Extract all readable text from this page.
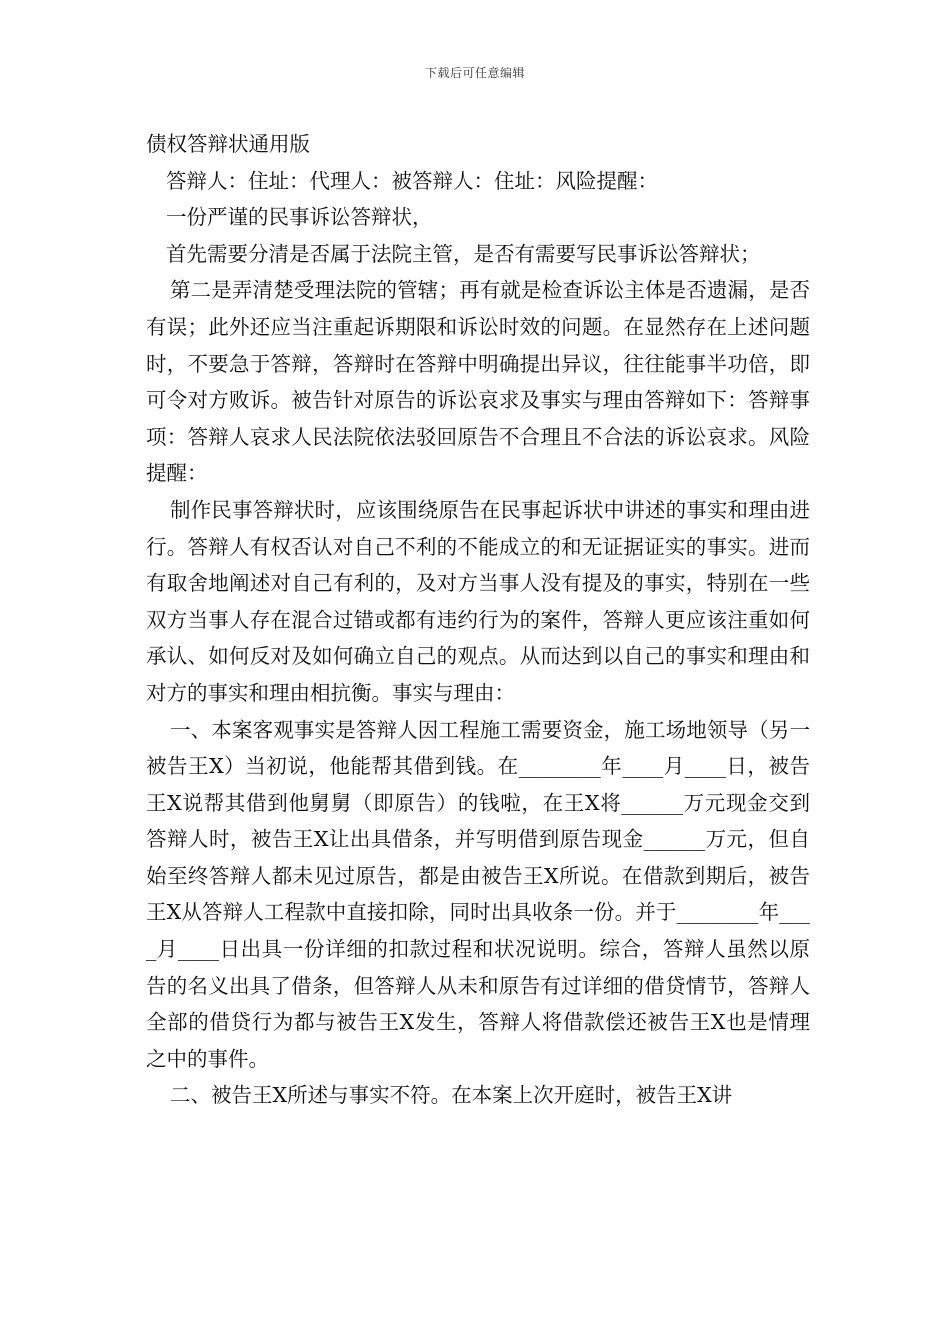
下载后可任意编辑

债权答辩状通用版

答辩人：住址：代理人：被答辩人：住址：风险提醒：

一份严谨的民事诉讼答辩状，

首先需要分清是否属于法院主管，是否有需要写民事诉讼答辩状；

第二是弄清楚受理法院的管辖；再有就是检查诉讼主体是否遗漏，是否有误；此外还应当注重起诉期限和诉讼时效的问题。在显然存在上述问题时，不要急于答辩，答辩时在答辩中明确提出异议，往往能事半功倍，即可令对方败诉。被告针对原告的诉讼哀求及事实与理由答辩如下：答辩事项：答辩人哀求人民法院依法驳回原告不合理且不合法的诉讼哀求。风险提醒：

制作民事答辩状时，应该围绕原告在民事起诉状中讲述的事实和理由进行。答辩人有权否认对自己不利的不能成立的和无证据证实的事实。进而有取舍地阐述对自己有利的，及对方当事人没有提及的事实，特别在一些双方当事人存在混合过错或都有违约行为的案件，答辩人更应该注重如何承认、如何反对及如何确立自己的观点。从而达到以自己的事实和理由和对方的事实和理由相抗衡。事实与理由：

一、本案客观事实是答辩人因工程施工需要资金，施工场地领导（另一被告王X）当初说，他能帮其借到钱。在________年____月____日，被告王X说帮其借到他舅舅（即原告）的钱啦，在王X将______万元现金交到答辩人时，被告王X让出具借条，并写明借到原告现金______万元，但自始至终答辩人都未见过原告，都是由被告王X所说。在借款到期后，被告王X从答辩人工程款中直接扣除，同时出具收条一份。并于________年____月____日出具一份详细的扣款过程和状况说明。综合，答辩人虽然以原告的名义出具了借条，但答辩人从未和原告有过详细的借贷情节，答辩人全部的借贷行为都与被告王X发生，答辩人将借款偿还被告王X也是情理之中的事件。

二、被告王X所述与事实不符。在本案上次开庭时，被告王X讲
